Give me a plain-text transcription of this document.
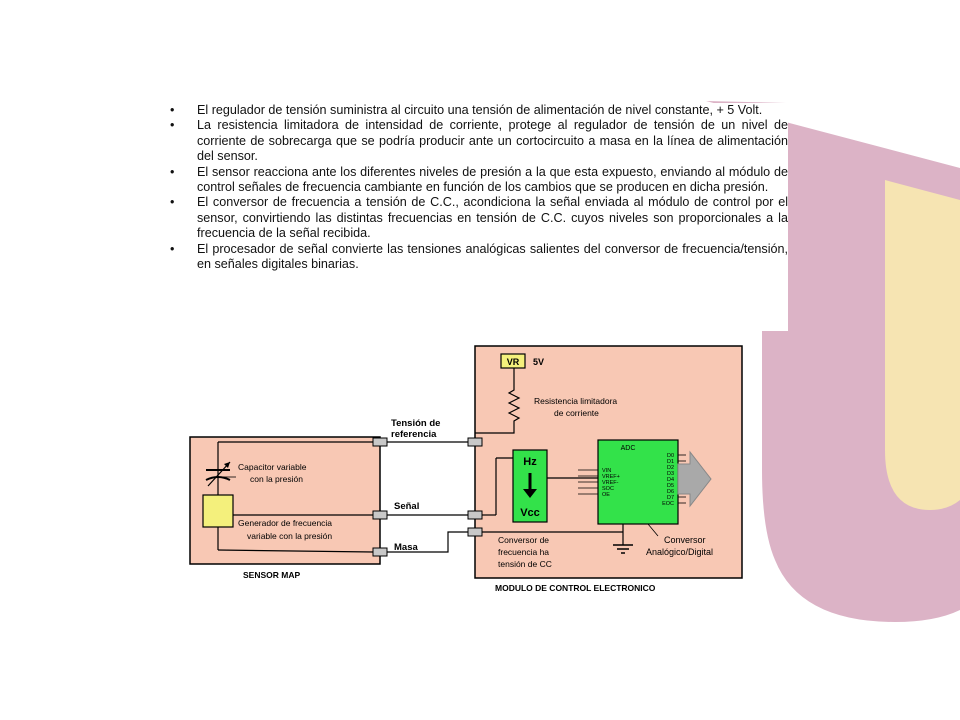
• El regulador de tensión suministra al circuito una tensión de alimentación de nivel constante, + 5 Volt.
• La resistencia limitadora de intensidad de corriente, protege al regulador de tensión de un nivel de corriente de sobrecarga que se podría producir ante un cortocircuito a masa en la línea de alimentación del sensor.
• El sensor reacciona ante los diferentes niveles de presión a la que esta expuesto, enviando al módulo de control señales de frecuencia cambiante en función de los cambios que se producen en dicha presión.
• El conversor de frecuencia a tensión de C.C., acondiciona la señal enviada al módulo de control por el sensor, convirtiendo las distintas frecuencias en tensión de C.C. cuyos niveles son proporcionales a la frecuencia de la señal recibida.
• El procesador de señal convierte las tensiones analógicas salientes del conversor de frecuencia/tensión, en señales digitales binarias.
VR 5V
Resistencia limitadora
de corriente
Tensión de
referencia
Señal
Masa
Capacitor variable
con la presión
Generador de frecuencia
variable con la presión
SENSOR MAP
Hz
Vcc
Conversor de
frecuencia ha
tensión de CC
ADC
VIN
VREF+
VREF-
SOC
OE
D0
D1
D2
D3
D4
D5
D6
D7
EOC
Conversor
Analógico/Digital
MODULO DE CONTROL ELECTRONICO
